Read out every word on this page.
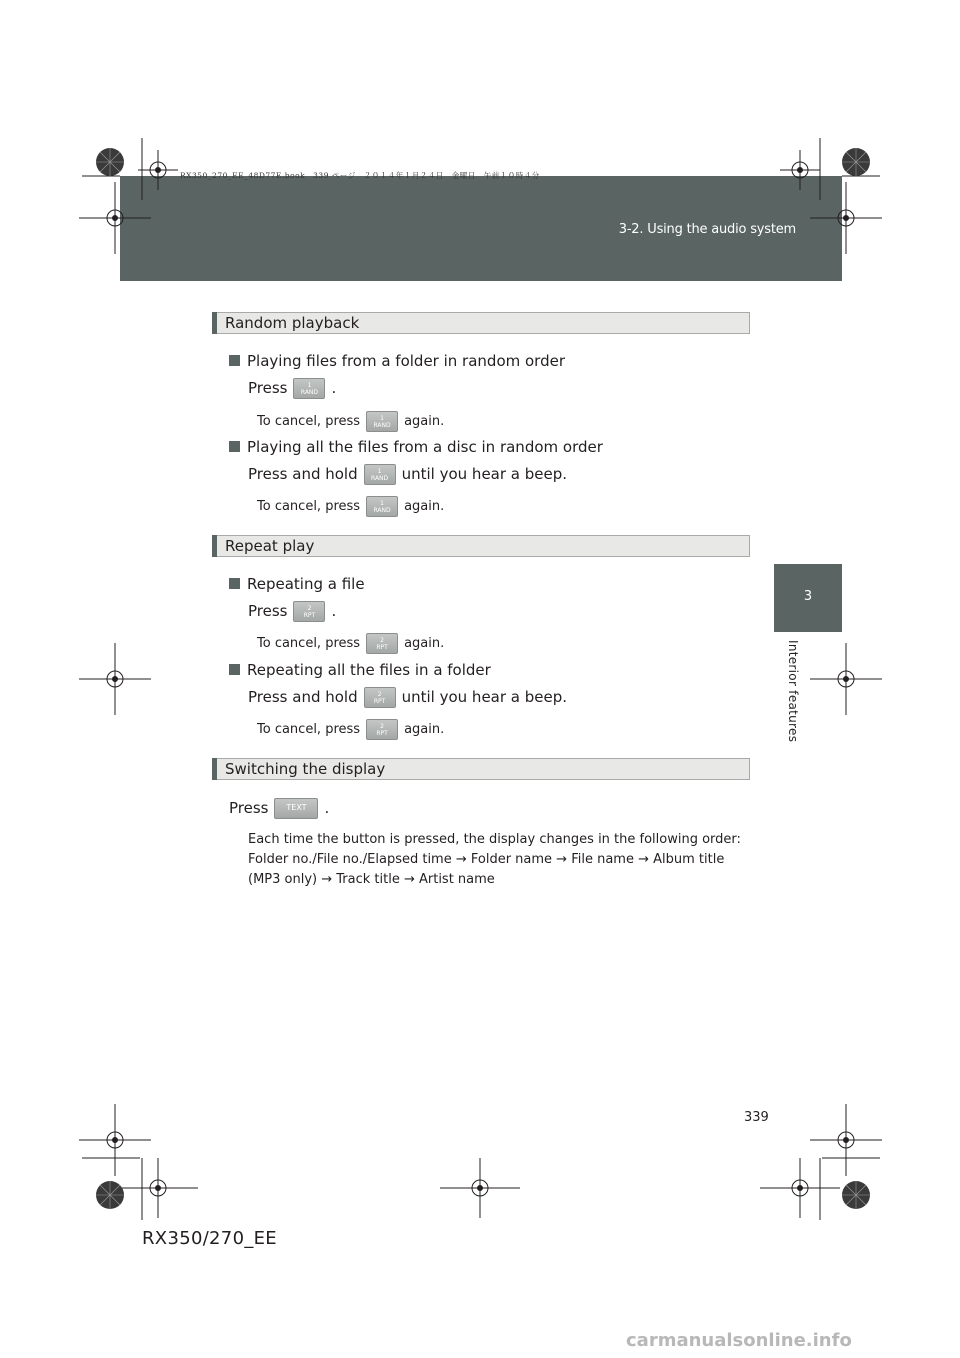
RX350_270_EE_48D77E.book　339 ページ　２０１４年１月２４日　金曜日　午前１０時４分
3-2. Using the audio system
3
Interior features
Random playback
Playing files from a folder in random order
Press	1
RAND .
To cancel, press	1
RAND again.
Playing all the files from a disc in random order
Press and hold	1
RAND until you hear a beep.
To cancel, press	1
RAND again.
Repeat play
Repeating a file
Press	2
RPT .
To cancel, press	2
RPT again.
Repeating all the files in a folder
Press and hold	2
RPT until you hear a beep.
To cancel, press	2
RPT again.
Switching the display
Press TEXT .
Each time the button is pressed, the display changes in the following order:
Folder no./File no./Elapsed time → Folder name → File name → Album title
(MP3 only) → Track title → Artist name
339
RX350/270_EE
carmanualsonline.info
